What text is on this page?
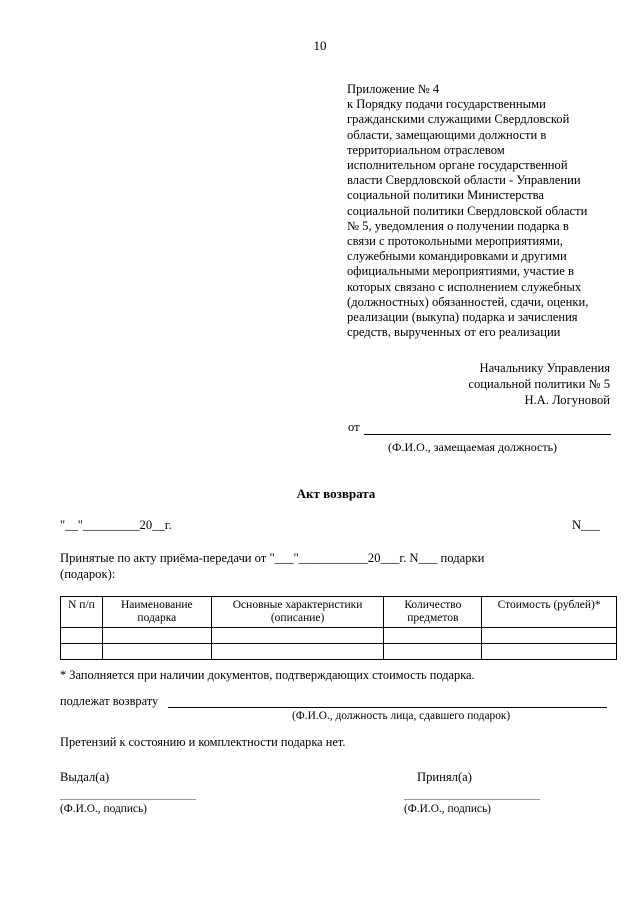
10
Приложение № 4
к Порядку подачи государственными
гражданскими служащими Свердловской
области, замещающими должности в
территориальном отраслевом
исполнительном органе государственной
власти Свердловской области - Управлении
социальной политики Министерства
социальной политики Свердловской области
№ 5, уведомления о получении подарка в
связи с протокольными мероприятиями,
служебными командировками и другими
официальными мероприятиями, участие в
которых связано с исполнением служебных
(должностных) обязанностей, сдачи, оценки,
реализации (выкупа) подарка и зачисления
средств, вырученных от его реализации
Начальнику Управления
социальной политики № 5
Н.А. Логуновой
от
(Ф.И.О., замещаемая должность)
Акт возврата
"__"_________20__г.	N___
Принятые по акту приёма-передачи от "___"___________20___г. N___ подарки (подарок):
N п/п	Наименование подарка	Основные характеристики (описание)	Количество предметов	Стоимость (рублей)*

* Заполняется при наличии документов, подтверждающих стоимость подарка.
подлежат возврату
(Ф.И.О., должность лица, сдавшего подарок)
Претензий к состоянию и комплектности подарка нет.
Выдал(а)	Принял(а)
(Ф.И.О., подпись)	(Ф.И.О., подпись)
